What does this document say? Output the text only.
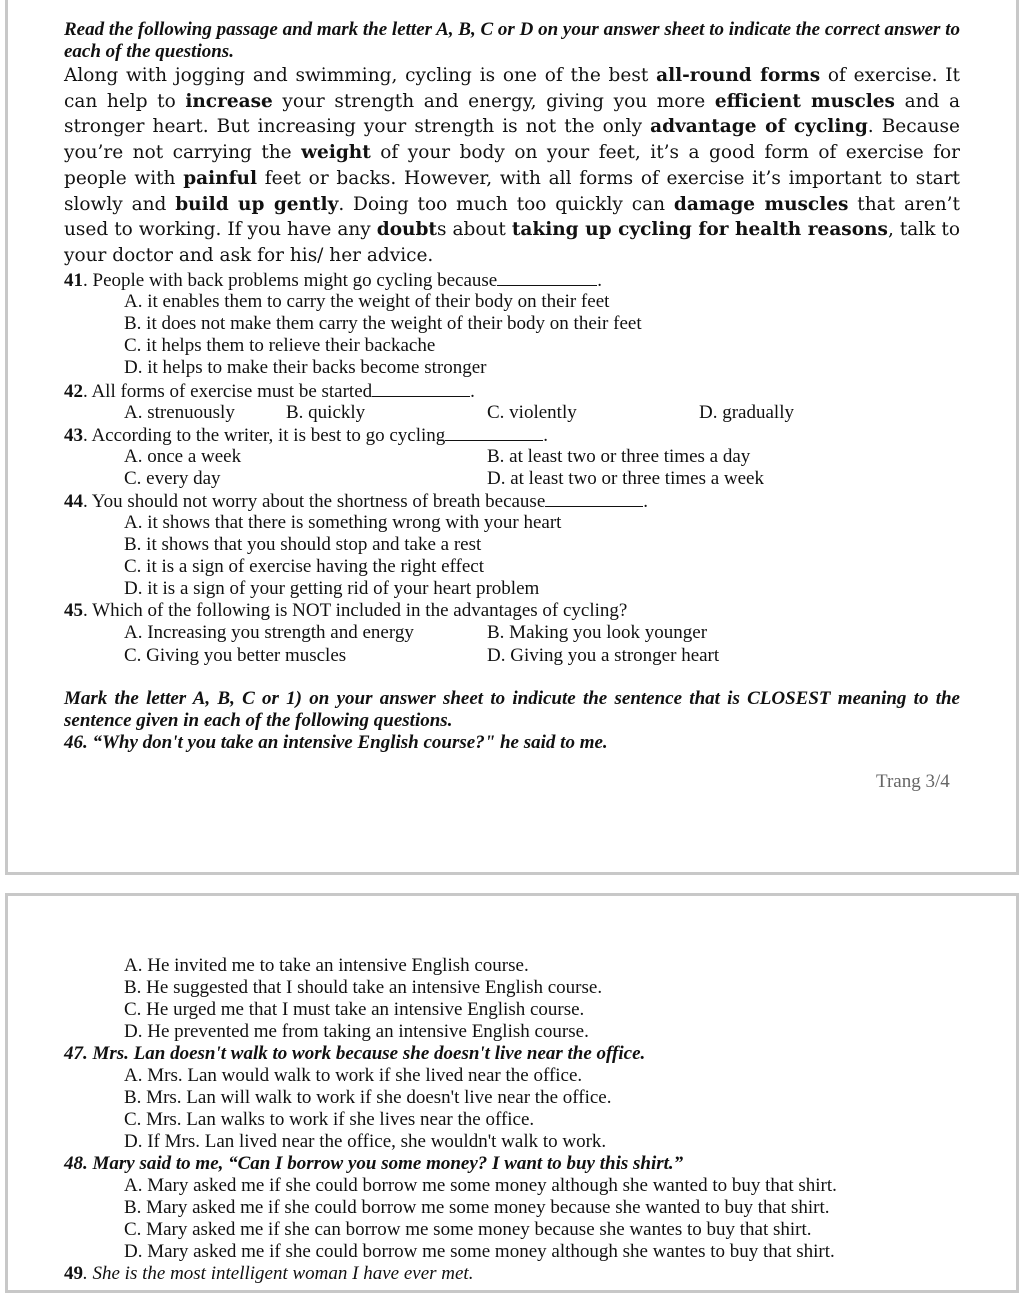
Read the following passage and mark the letter A, B, C or D on your answer sheet to indicate the correct answer to each of the questions.
Along with jogging and swimming, cycling is one of the best all-round forms of exercise. It can help to increase your strength and energy, giving you more efficient muscles and a stronger heart. But increasing your strength is not the only advantage of cycling. Because you’re not carrying the weight of your body on your feet, it’s a good form of exercise for people with painful feet or backs. However, with all forms of exercise it’s important to start slowly and build up gently. Doing too much too quickly can damage muscles that aren’t used to working. If you have any doubts about taking up cycling for health reasons, talk to your doctor and ask for his/ her advice.
41. People with back problems might go cycling because	.
A. it enables them to carry the weight of their body on their feet
B. it does not make them carry the weight of their body on their feet
C. it helps them to relieve their backache
D. it helps to make their backs become stronger
42. All forms of exercise must be started	.
A. strenuously	B. quickly	C. violently	D. gradually
43. According to the writer, it is best to go cycling	.
A. once a week	B. at least two or three times a day
C. every day	D. at least two or three times a week
44. You should not worry about the shortness of breath because	.
A. it shows that there is something wrong with your heart
B. it shows that you should stop and take a rest
C. it is a sign of exercise having the right effect
D. it is a sign of your getting rid of your heart problem
45. Which of the following is NOT included in the advantages of cycling?
A. Increasing you strength and energy	B. Making you look younger
C. Giving you better muscles	D. Giving you a stronger heart
Mark the letter A, B, C or 1) on your answer sheet to indicute the sentence that is CLOSEST meaning to the sentence given in each of the following questions.
46. “Why don't you take an intensive English course?" he said to me.
Trang 3/4
A. He invited me to take an intensive English course.
B. He suggested that I should take an intensive English course.
C. He urged me that I must take an intensive English course.
D. He prevented me from taking an intensive English course.
47. Mrs. Lan doesn't walk to work because she doesn't live near the office.
A. Mrs. Lan would walk to work if she lived near the office.
B. Mrs. Lan will walk to work if she doesn't live near the office.
C. Mrs. Lan walks to work if she lives near the office.
D. If Mrs. Lan lived near the office, she wouldn't walk to work.
48. Mary said to me, “Can I borrow you some money? I want to buy this shirt.”
A. Mary asked me if she could borrow me some money although she wanted to buy that shirt.
B. Mary asked me if she could borrow me some money because she wanted to buy that shirt.
C. Mary asked me if she can borrow me some money because she wantes to buy that shirt.
D. Mary asked me if she could borrow me some money although she wantes to buy that shirt.
49. She is the most intelligent woman I have ever met.
